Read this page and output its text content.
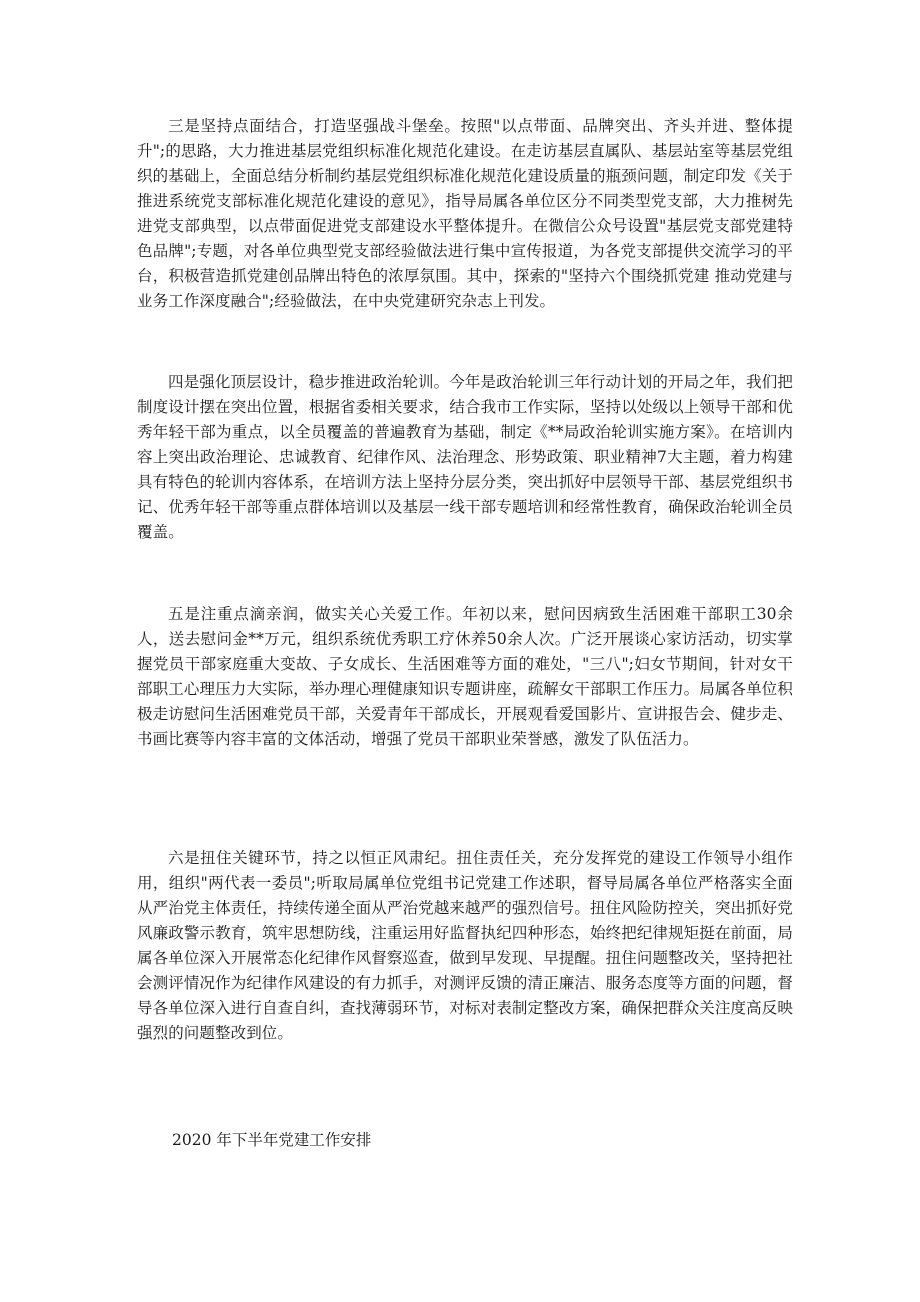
三是坚持点面结合，打造坚强战斗堡垒。按照"以点带面、品牌突出、齐头并进、整体提升";的思路，大力推进基层党组织标准化规范化建设。在走访基层直属队、基层站室等基层党组织的基础上，全面总结分析制约基层党组织标准化规范化建设质量的瓶颈问题，制定印发《关于推进系统党支部标准化规范化建设的意见》，指导局属各单位区分不同类型党支部，大力推树先进党支部典型，以点带面促进党支部建设水平整体提升。在微信公众号设置"基层党支部党建特色品牌";专题，对各单位典型党支部经验做法进行集中宣传报道，为各党支部提供交流学习的平台，积极营造抓党建创品牌出特色的浓厚氛围。其中，探索的"坚持六个围绕抓党建 推动党建与业务工作深度融合";经验做法，在中央党建研究杂志上刊发。

四是强化顶层设计，稳步推进政治轮训。今年是政治轮训三年行动计划的开局之年，我们把制度设计摆在突出位置，根据省委相关要求，结合我市工作实际，坚持以处级以上领导干部和优秀年轻干部为重点，以全员覆盖的普遍教育为基础，制定《**局政治轮训实施方案》。在培训内容上突出政治理论、忠诚教育、纪律作风、法治理念、形势政策、职业精神7大主题，着力构建具有特色的轮训内容体系，在培训方法上坚持分层分类，突出抓好中层领导干部、基层党组织书记、优秀年轻干部等重点群体培训以及基层一线干部专题培训和经常性教育，确保政治轮训全员覆盖。

五是注重点滴亲润，做实关心关爱工作。年初以来，慰问因病致生活困难干部职工30余人，送去慰问金**万元，组织系统优秀职工疗休养50余人次。广泛开展谈心家访活动，切实掌握党员干部家庭重大变故、子女成长、生活困难等方面的难处，"三八";妇女节期间，针对女干部职工心理压力大实际，举办理心理健康知识专题讲座，疏解女干部职工作压力。局属各单位积极走访慰问生活困难党员干部，关爱青年干部成长，开展观看爱国影片、宣讲报告会、健步走、书画比赛等内容丰富的文体活动，增强了党员干部职业荣誉感，激发了队伍活力。

六是扭住关键环节，持之以恒正风肃纪。扭住责任关，充分发挥党的建设工作领导小组作用，组织"两代表一委员";听取局属单位党组书记党建工作述职，督导局属各单位严格落实全面从严治党主体责任，持续传递全面从严治党越来越严的强烈信号。扭住风险防控关，突出抓好党风廉政警示教育，筑牢思想防线，注重运用好监督执纪四种形态，始终把纪律规矩挺在前面，局属各单位深入开展常态化纪律作风督察巡查，做到早发现、早提醒。扭住问题整改关，坚持把社会测评情况作为纪律作风建设的有力抓手，对测评反馈的清正廉洁、服务态度等方面的问题，督导各单位深入进行自查自纠，查找薄弱环节，对标对表制定整改方案，确保把群众关注度高反映强烈的问题整改到位。

2020 年下半年党建工作安排
